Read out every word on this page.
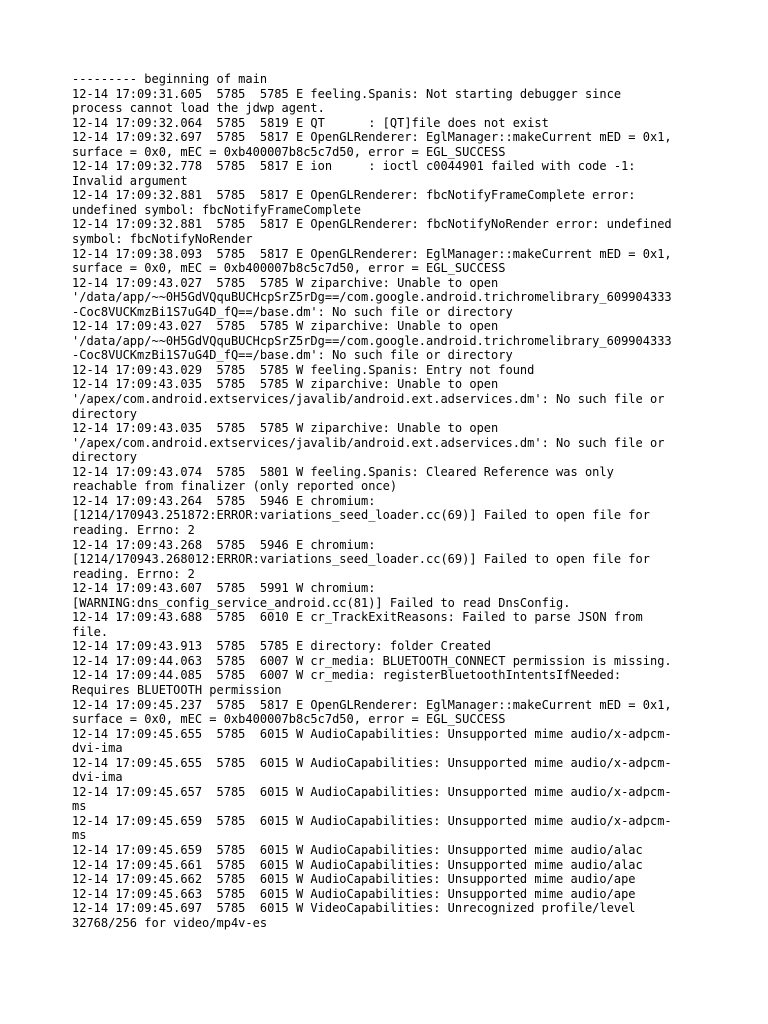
--------- beginning of main
12-14 17:09:31.605  5785  5785 E feeling.Spanis: Not starting debugger since
process cannot load the jdwp agent.
12-14 17:09:32.064  5785  5819 E QT      : [QT]file does not exist
12-14 17:09:32.697  5785  5817 E OpenGLRenderer: EglManager::makeCurrent mED = 0x1,
surface = 0x0, mEC = 0xb400007b8c5c7d50, error = EGL_SUCCESS
12-14 17:09:32.778  5785  5817 E ion     : ioctl c0044901 failed with code -1:
Invalid argument
12-14 17:09:32.881  5785  5817 E OpenGLRenderer: fbcNotifyFrameComplete error:
undefined symbol: fbcNotifyFrameComplete
12-14 17:09:32.881  5785  5817 E OpenGLRenderer: fbcNotifyNoRender error: undefined
symbol: fbcNotifyNoRender
12-14 17:09:38.093  5785  5817 E OpenGLRenderer: EglManager::makeCurrent mED = 0x1,
surface = 0x0, mEC = 0xb400007b8c5c7d50, error = EGL_SUCCESS
12-14 17:09:43.027  5785  5785 W ziparchive: Unable to open
'/data/app/~~0H5GdVQquBUCHcpSrZ5rDg==/com.google.android.trichromelibrary_609904333
-Coc8VUCKmzBi1S7uG4D_fQ==/base.dm': No such file or directory
12-14 17:09:43.027  5785  5785 W ziparchive: Unable to open
'/data/app/~~0H5GdVQquBUCHcpSrZ5rDg==/com.google.android.trichromelibrary_609904333
-Coc8VUCKmzBi1S7uG4D_fQ==/base.dm': No such file or directory
12-14 17:09:43.029  5785  5785 W feeling.Spanis: Entry not found
12-14 17:09:43.035  5785  5785 W ziparchive: Unable to open
'/apex/com.android.extservices/javalib/android.ext.adservices.dm': No such file or
directory
12-14 17:09:43.035  5785  5785 W ziparchive: Unable to open
'/apex/com.android.extservices/javalib/android.ext.adservices.dm': No such file or
directory
12-14 17:09:43.074  5785  5801 W feeling.Spanis: Cleared Reference was only
reachable from finalizer (only reported once)
12-14 17:09:43.264  5785  5946 E chromium:
[1214/170943.251872:ERROR:variations_seed_loader.cc(69)] Failed to open file for
reading. Errno: 2
12-14 17:09:43.268  5785  5946 E chromium:
[1214/170943.268012:ERROR:variations_seed_loader.cc(69)] Failed to open file for
reading. Errno: 2
12-14 17:09:43.607  5785  5991 W chromium:
[WARNING:dns_config_service_android.cc(81)] Failed to read DnsConfig.
12-14 17:09:43.688  5785  6010 E cr_TrackExitReasons: Failed to parse JSON from
file.
12-14 17:09:43.913  5785  5785 E directory: folder Created
12-14 17:09:44.063  5785  6007 W cr_media: BLUETOOTH_CONNECT permission is missing.
12-14 17:09:44.085  5785  6007 W cr_media: registerBluetoothIntentsIfNeeded:
Requires BLUETOOTH permission
12-14 17:09:45.237  5785  5817 E OpenGLRenderer: EglManager::makeCurrent mED = 0x1,
surface = 0x0, mEC = 0xb400007b8c5c7d50, error = EGL_SUCCESS
12-14 17:09:45.655  5785  6015 W AudioCapabilities: Unsupported mime audio/x-adpcm-
dvi-ima
12-14 17:09:45.655  5785  6015 W AudioCapabilities: Unsupported mime audio/x-adpcm-
dvi-ima
12-14 17:09:45.657  5785  6015 W AudioCapabilities: Unsupported mime audio/x-adpcm-
ms
12-14 17:09:45.659  5785  6015 W AudioCapabilities: Unsupported mime audio/x-adpcm-
ms
12-14 17:09:45.659  5785  6015 W AudioCapabilities: Unsupported mime audio/alac
12-14 17:09:45.661  5785  6015 W AudioCapabilities: Unsupported mime audio/alac
12-14 17:09:45.662  5785  6015 W AudioCapabilities: Unsupported mime audio/ape
12-14 17:09:45.663  5785  6015 W AudioCapabilities: Unsupported mime audio/ape
12-14 17:09:45.697  5785  6015 W VideoCapabilities: Unrecognized profile/level
32768/256 for video/mp4v-es
